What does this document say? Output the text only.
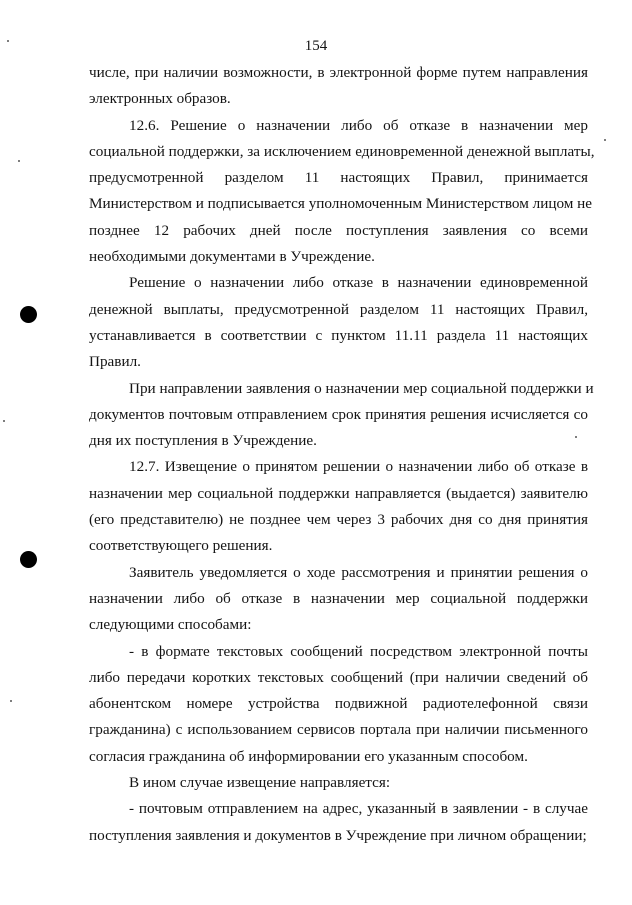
154
числе, при наличии возможности, в электронной форме путем направления
электронных образов.
12.6. Решение о назначении либо об отказе в назначении мер
социальной поддержки, за исключением единовременной денежной выплаты,
предусмотренной разделом 11 настоящих Правил, принимается
Министерством и подписывается уполномоченным Министерством лицом не
позднее 12 рабочих дней после поступления заявления со всеми
необходимыми документами в Учреждение.
Решение о назначении либо отказе в назначении единовременной
денежной выплаты, предусмотренной разделом 11 настоящих Правил,
устанавливается в соответствии с пунктом 11.11 раздела 11 настоящих
Правил.
При направлении заявления о назначении мер социальной поддержки и
документов почтовым отправлением срок принятия решения исчисляется со
дня их поступления в Учреждение.
12.7. Извещение о принятом решении о назначении либо об отказе в
назначении мер социальной поддержки направляется (выдается) заявителю
(его представителю) не позднее чем через 3 рабочих дня со дня принятия
соответствующего решения.
Заявитель уведомляется о ходе рассмотрения и принятии решения о
назначении либо об отказе в назначении мер социальной поддержки
следующими способами:
- в формате текстовых сообщений посредством электронной почты
либо передачи коротких текстовых сообщений (при наличии сведений об
абонентском номере устройства подвижной радиотелефонной связи
гражданина) с использованием сервисов портала при наличии письменного
согласия гражданина об информировании его указанным способом.
В ином случае извещение направляется:
- почтовым отправлением на адрес, указанный в заявлении - в случае
поступления заявления и документов в Учреждение при личном обращении;
